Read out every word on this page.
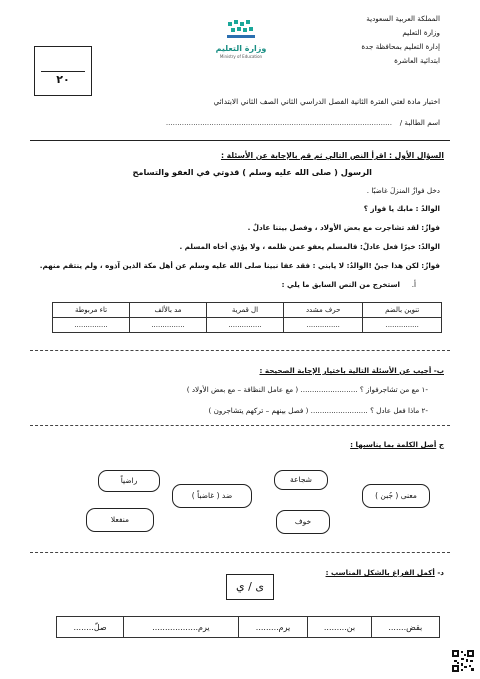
المملكة العربية السعودية
وزارة التعليم
إدارة التعليم بمحافظة جدة
ابتدائية العاشرة
وزارة التعليم
Ministry of Education
٢٠
اختبار مادة لغتي الفترة الثانية الفصل الدراسي الثاني الصف الثاني الابتدائي
اسم الطالبة /
...................................................................................................
السؤال الأول : اقرأ النص التالي ثم قم بالإجابة عن الأسئلة :
الرسول ( صلى الله عليه وسلم ) قدوتي في العفو والتسامح
دخل فوازٌ المنزلَ غاضبًا .
الوالدُ : مابك يا فواز ؟
فوازٌ: لقد تشاجرت مع بعض الأولاد ، وفصل بيننا عادلٌ .
الوالدُ: خيرًا فعل عادلٌ: فالمسلم يعفو عمن ظلمه ، ولا يؤذي أخاه المسلم .
فوازٌ: لكن هذا جبنٌ !الوالدُ: لا يابني : فقد عفا نبينا صلى الله عليه وسلم عن أهل مكة الذين آذوه ، ولم ينتقم منهم.
أ.
استخرج من النص السابق ما يلي :
تنوين بالضم	حرف مشدد	ال قمرية	مد بالألف	تاء مربوطة
...............	...............	...............	...............	...............
ب- أجيب عن الأسئلة التالية باختيار الإجابة الصحيحة :
-١ مع من تشاجرفواز ؟ ......................... ( مع عامل النظافة – مع بعض الأولاد )
-٢ ماذا فعل عادل ؟ ......................... ( فصل بينهم – تركهم يتشاجرون )
ج أصل الكلمة بما يناسبها :
شجاعة
معنى ( جُبن )
خوف
راضياً
ضد ( غاضباً )
منفعلا
د- أكمل الفراغ بالشكل المناسب :
ى / ي
بقض.......	بن.........	يرم.........	يرم..................	صلّ........
